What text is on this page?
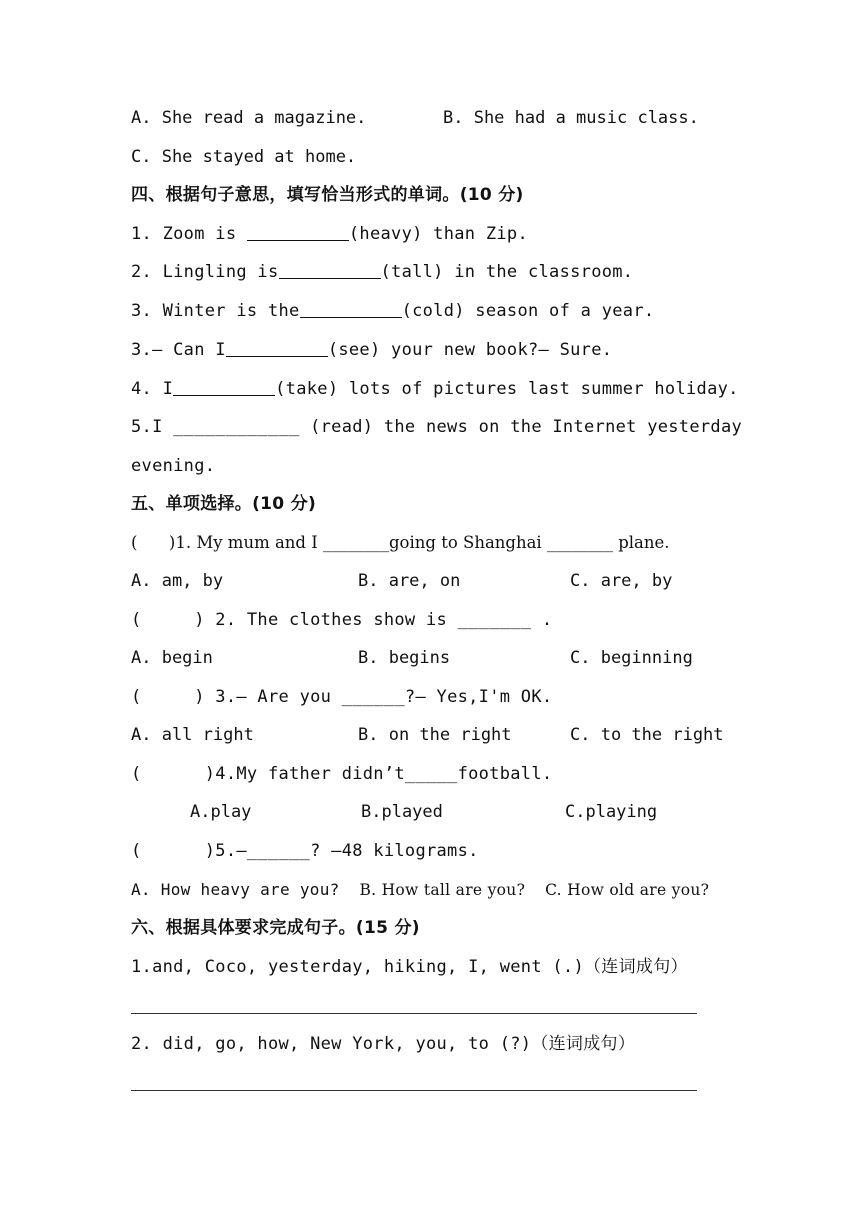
A. She read a magazine.	B. She had a music class.
C. She stayed at home.
四、根据句子意思，填写恰当形式的单词。(10 分)
1. Zoom is	(heavy) than Zip.
2. Lingling is	(tall) in the classroom.
3. Winter is the	(cold) season of a year.
3.— Can I	(see) your new book?— Sure.
4. I	(take) lots of pictures last summer holiday.
5.I ____________ (read) the news on the Internet yesterday
evening.
五、单项选择。(10 分)
(      )1. My mum and I ________going to Shanghai ________ plane.
A. am, by	B. are, on	C. are, by
(     ) 2. The clothes show is _______ .
A. begin	B. begins	C. beginning
(     ) 3.— Are you ______?— Yes,I'm OK.
A. all right	B. on the right	C. to the right
(      )4.My father didn’t_____football.
A.play	B.played	C.playing
(      )5.—______? —48 kilograms.
A. How heavy are you? B. How tall are you? C. How old are you?
六、根据具体要求完成句子。(15 分)
1.and, Coco, yesterday, hiking, I, went (.)（连词成句）
2. did, go, how, New York, you, to (?)（连词成句）
